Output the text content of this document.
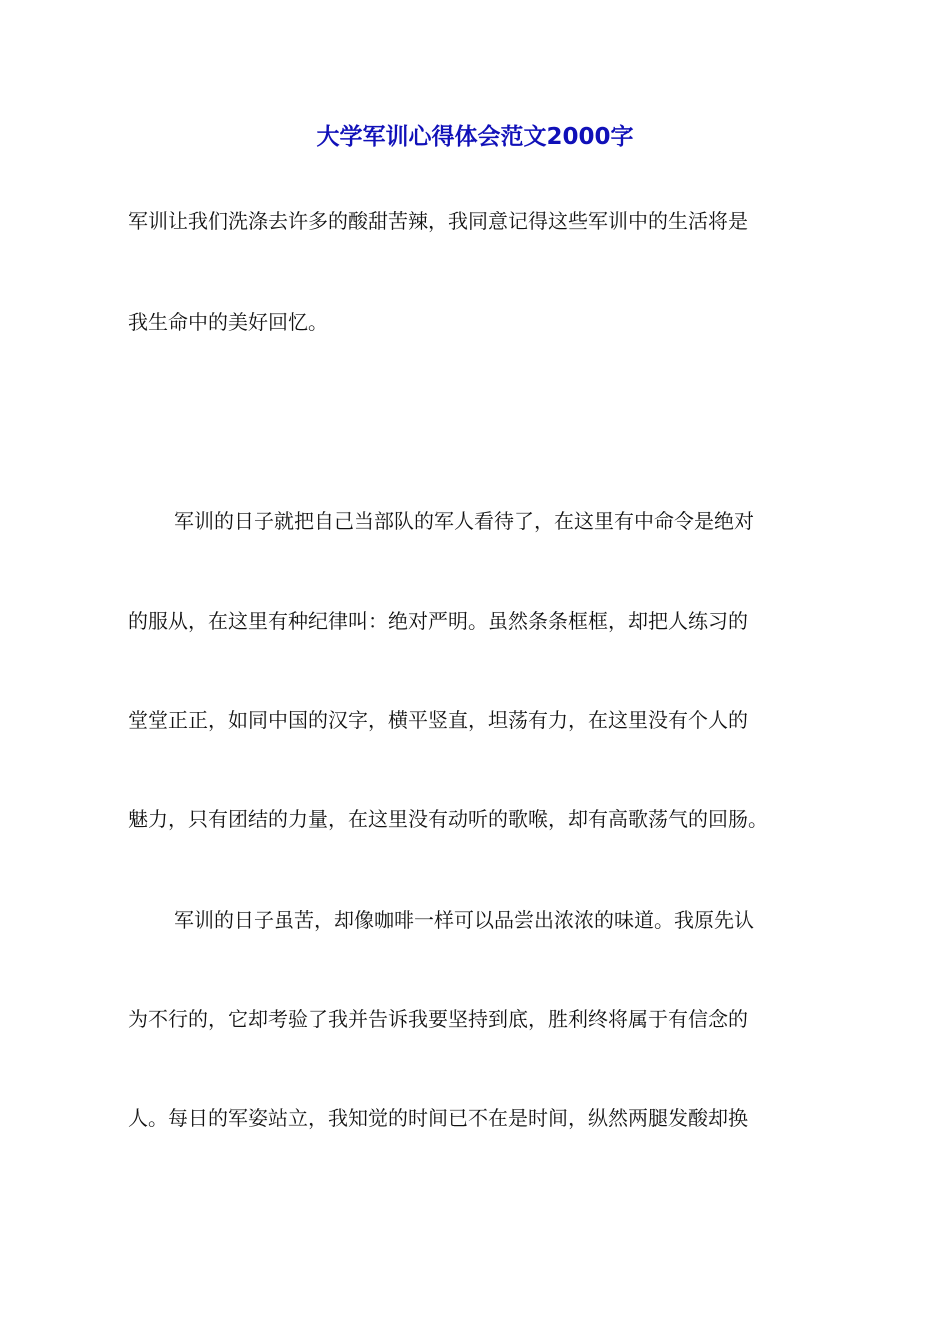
大学军训心得体会范文2000字

军训让我们洗涤去许多的酸甜苦辣，我同意记得这些军训中的生活将是

我生命中的美好回忆。

军训的日子就把自己当部队的军人看待了，在这里有中命令是绝对

的服从，在这里有种纪律叫：绝对严明。虽然条条框框，却把人练习的

堂堂正正，如同中国的汉字，横平竖直，坦荡有力，在这里没有个人的

魅力，只有团结的力量，在这里没有动听的歌喉，却有高歌荡气的回肠。

军训的日子虽苦，却像咖啡一样可以品尝出浓浓的味道。我原先认

为不行的，它却考验了我并告诉我要坚持到底，胜利终将属于有信念的

人。每日的军姿站立，我知觉的时间已不在是时间，纵然两腿发酸却换
